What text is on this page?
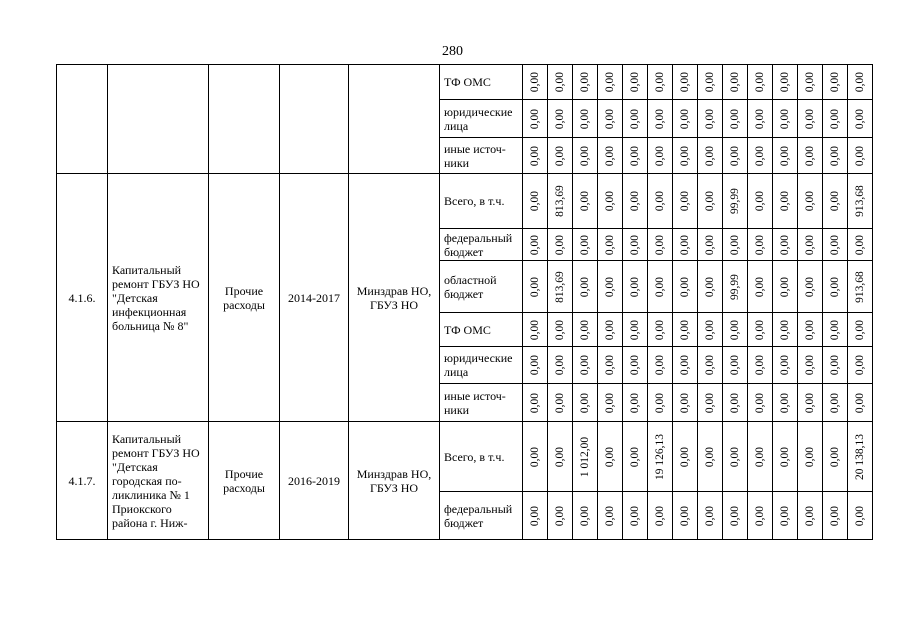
280
					ТФ ОМС	0,00	0,00	0,00	0,00	0,00	0,00	0,00	0,00	0,00	0,00	0,00	0,00	0,00	0,00

					юридические лица	0,00	0,00	0,00	0,00	0,00	0,00	0,00	0,00	0,00	0,00	0,00	0,00	0,00	0,00

					иные источ-ники	0,00	0,00	0,00	0,00	0,00	0,00	0,00	0,00	0,00	0,00	0,00	0,00	0,00	0,00

4.1.6.	Капитальный ремонт ГБУЗ НО "Детская инфекционная больница № 8"	Прочие расходы	2014-2017	Минздрав НО, ГБУЗ НО	Всего, в т.ч.	0,00	813,69	0,00	0,00	0,00	0,00	0,00	0,00	99,99	0,00	0,00	0,00	0,00	913,68

					федеральный бюджет	0,00	0,00	0,00	0,00	0,00	0,00	0,00	0,00	0,00	0,00	0,00	0,00	0,00	0,00

					областной бюджет	0,00	813,69	0,00	0,00	0,00	0,00	0,00	0,00	99,99	0,00	0,00	0,00	0,00	913,68

					ТФ ОМС	0,00	0,00	0,00	0,00	0,00	0,00	0,00	0,00	0,00	0,00	0,00	0,00	0,00	0,00

					юридические лица	0,00	0,00	0,00	0,00	0,00	0,00	0,00	0,00	0,00	0,00	0,00	0,00	0,00	0,00

					иные источ-ники	0,00	0,00	0,00	0,00	0,00	0,00	0,00	0,00	0,00	0,00	0,00	0,00	0,00	0,00

4.1.7.	Капитальный ремонт ГБУЗ НО "Детская городская по-ликлиника № 1 Приокского района г. Ниж-	Прочие расходы	2016-2019	Минздрав НО, ГБУЗ НО	Всего, в т.ч.	0,00	0,00	1 012,00	0,00	0,00	19 126,13	0,00	0,00	0,00	0,00	0,00	0,00	0,00	20 138,13

					федеральный бюджет	0,00	0,00	0,00	0,00	0,00	0,00	0,00	0,00	0,00	0,00	0,00	0,00	0,00	0,00
